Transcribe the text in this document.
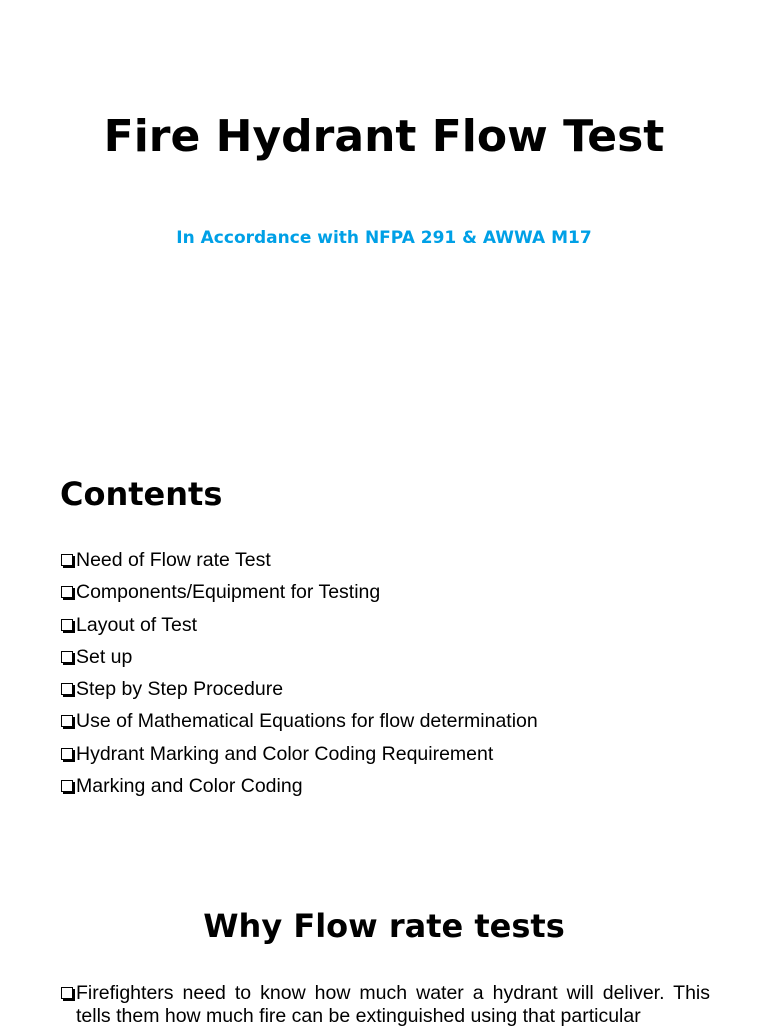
Fire Hydrant Flow Test

In Accordance with NFPA 291 & AWWA M17

Contents
Need of Flow rate Test
Components/Equipment for Testing
Layout of Test
Set up
Step by Step Procedure
Use of Mathematical Equations for flow determination
Hydrant Marking and Color Coding Requirement
Marking and Color Coding
Why Flow rate tests

Firefighters need to know how much water a hydrant will deliver. This tells them how much fire can be extinguished using that particular
